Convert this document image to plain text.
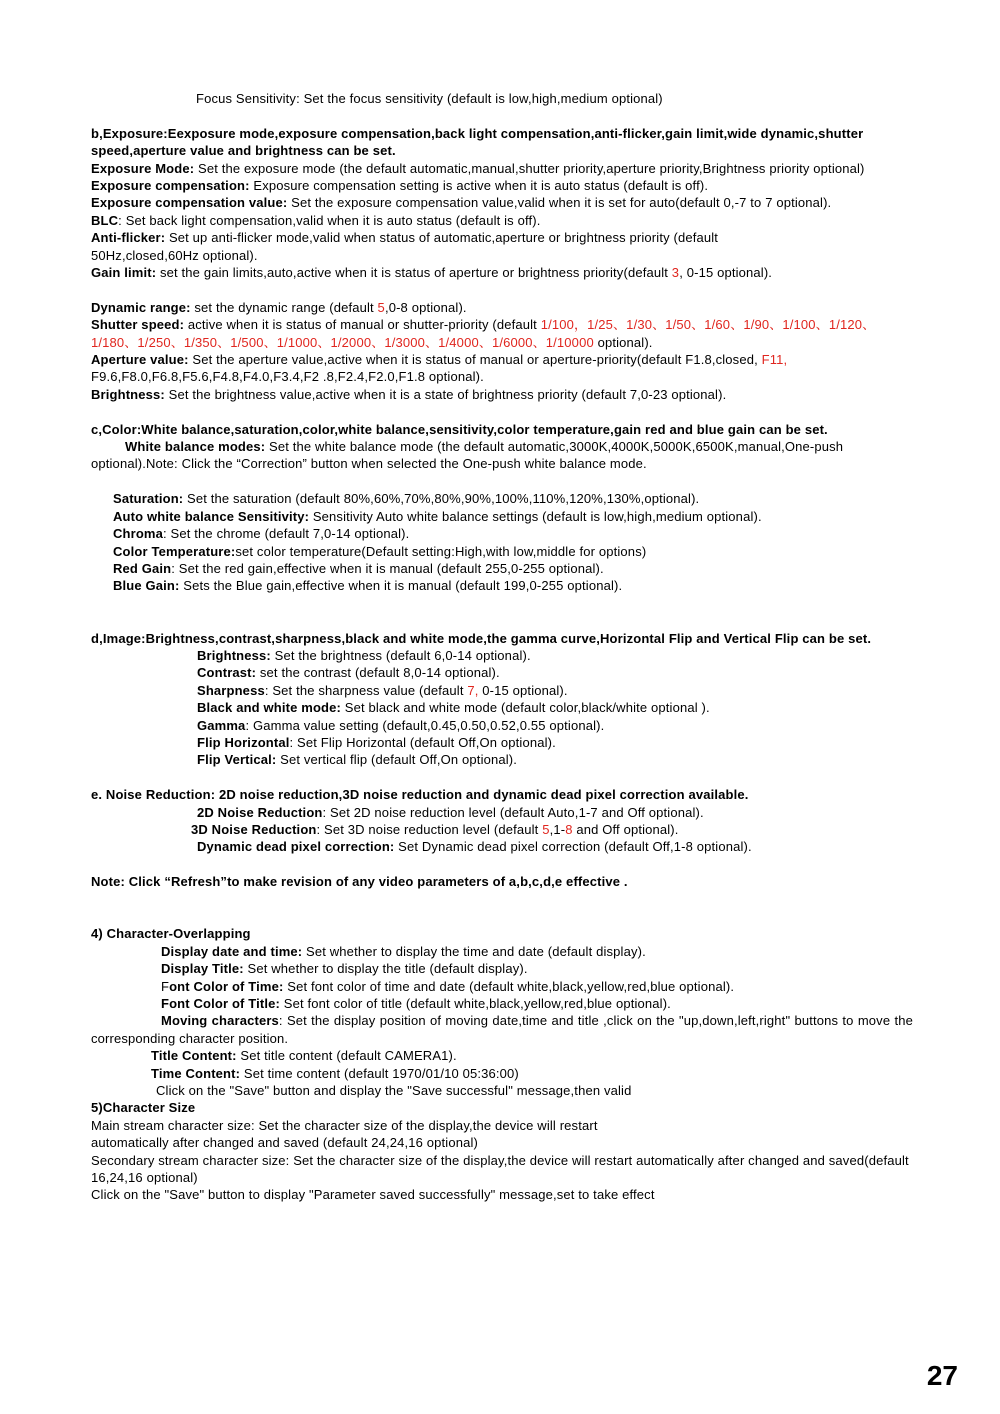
Focus Sensitivity: Set the focus sensitivity (default is low,high,medium optional)

b,Exposure:Eexposure mode,exposure compensation,back light compensation,anti-flicker,gain limit,wide dynamic,shutter speed,aperture value and brightness can be set.

Exposure Mode: Set the exposure mode (the default automatic,manual,shutter priority,aperture priority,Brightness priority optional)

Exposure compensation: Exposure compensation setting is active when it is auto status (default is off).

Exposure compensation value: Set the exposure compensation value,valid when it is set for auto(default 0,-7 to 7 optional).

BLC: Set back light compensation,valid when it is auto status (default is off).

Anti-flicker: Set up anti-flicker mode,valid when status of automatic,aperture or brightness priority (default 50Hz,closed,60Hz optional).

Gain limit: set the gain limits,auto,active when it is status of aperture or brightness priority(default 3, 0-15 optional).

Dynamic range: set the dynamic range (default 5,0-8 optional).

Shutter speed: active when it is status of manual or shutter-priority (default 1/100，1/25、1/30、1/50、1/60、1/90、1/100、1/120、1/180、1/250、1/350、1/500、1/1000、1/2000、1/3000、1/4000、1/6000、1/10000 optional).

Aperture value: Set the aperture value,active when it is status of manual or aperture-priority(default F1.8,closed, F11, F9.6,F8.0,F6.8,F5.6,F4.8,F4.0,F3.4,F2 .8,F2.4,F2.0,F1.8 optional).

Brightness: Set the brightness value,active when it is a state of brightness priority (default 7,0-23 optional).

c,Color:White balance,saturation,color,white balance,sensitivity,color temperature,gain red and blue gain can be set.

White balance modes: Set the white balance mode (the default automatic,3000K,4000K,5000K,6500K,manual,One-push optional).Note: Click the “Correction” button when selected the One-push white balance mode.

Saturation: Set the saturation (default 80%,60%,70%,80%,90%,100%,110%,120%,130%,optional).

Auto white balance Sensitivity: Sensitivity Auto white balance settings (default is low,high,medium optional).

Chroma: Set the chrome (default 7,0-14 optional).

Color Temperature:set color temperature(Default setting:High,with low,middle for options)

Red Gain: Set the red gain,effective when it is manual (default 255,0-255 optional).

Blue Gain: Sets the Blue gain,effective when it is manual (default 199,0-255 optional).

d,Image:Brightness,contrast,sharpness,black and white mode,the gamma curve,Horizontal Flip and Vertical Flip can be set.

Brightness: Set the brightness (default 6,0-14 optional).

Contrast: set the contrast (default 8,0-14 optional).

Sharpness: Set the sharpness value (default 7, 0-15 optional).

Black and white mode: Set black and white mode (default color,black/white optional ).

Gamma: Gamma value setting (default,0.45,0.50,0.52,0.55 optional).

Flip Horizontal: Set Flip Horizontal (default Off,On optional).

Flip Vertical: Set vertical flip (default Off,On optional).

e. Noise Reduction: 2D noise reduction,3D noise reduction and dynamic dead pixel correction available.

2D Noise Reduction: Set 2D noise reduction level (default Auto,1-7 and Off optional).

3D Noise Reduction: Set 3D noise reduction level (default 5,1-8 and Off optional).

Dynamic dead pixel correction: Set Dynamic dead pixel correction (default Off,1-8 optional).

Note: Click “Refresh”to make revision of any video parameters of a,b,c,d,e effective .

4) Character-Overlapping

Display date and time: Set whether to display the time and date (default display).

Display Title: Set whether to display the title (default display).

Font Color of Time: Set font color of time and date (default white,black,yellow,red,blue optional).

Font Color of Title: Set font color of title (default white,black,yellow,red,blue optional).

Moving characters: Set the display position of moving date,time and title ,click on the "up,down,left,right" buttons to move the corresponding character position.

Title Content: Set title content (default CAMERA1).

Time Content: Set time content (default 1970/01/10 05:36:00)

Click on the "Save" button and display the "Save successful" message,then valid

5)Character Size

Main stream character size: Set the character size of the display,the device will restart

automatically after changed and saved (default 24,24,16 optional)

Secondary stream character size: Set the character size of the display,the device will restart automatically after changed and saved(default 16,24,16 optional)

Click on the "Save" button to display "Parameter saved successfully" message,set to take effect

27
